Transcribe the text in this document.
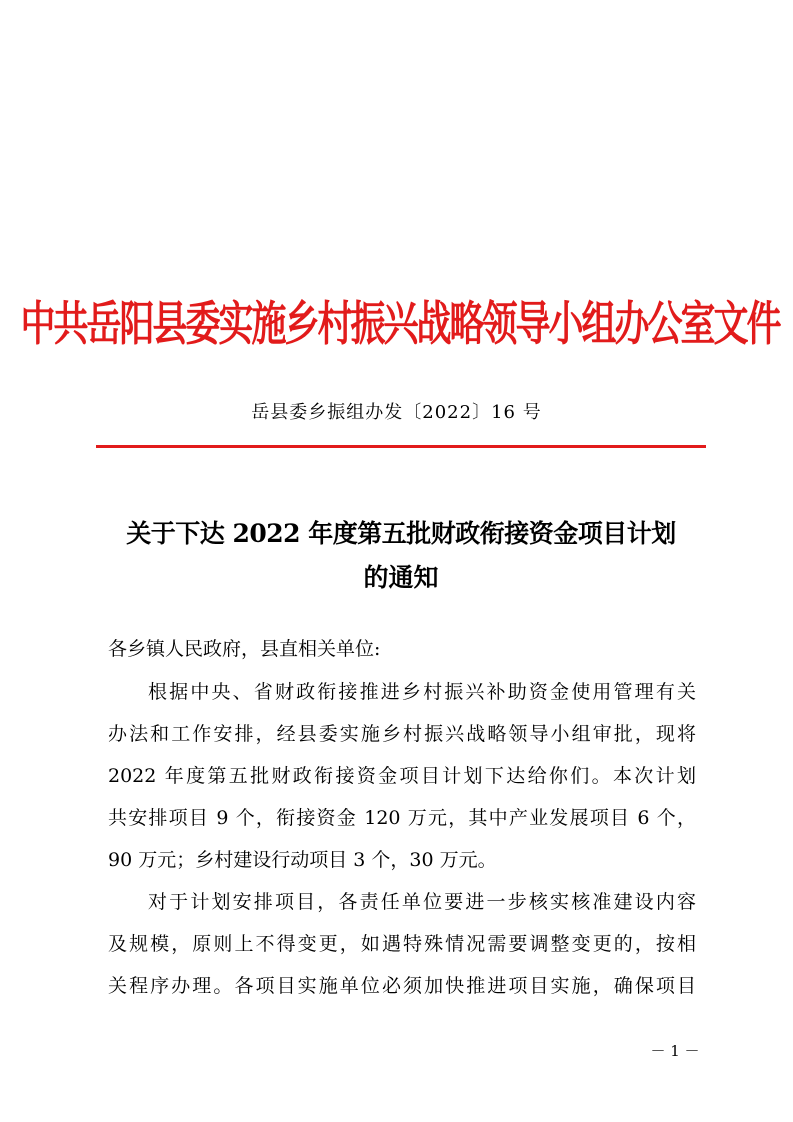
中共岳阳县委实施乡村振兴战略领导小组办公室文件
岳县委乡振组办发〔2022〕16 号
关于下达 2022 年度第五批财政衔接资金项目计划
的通知
各乡镇人民政府，县直相关单位:
根据中央、省财政衔接推进乡村振兴补助资金使用管理有关
办法和工作安排，经县委实施乡村振兴战略领导小组审批，现将
2022 年度第五批财政衔接资金项目计划下达给你们。本次计划
共安排项目 9 个，衔接资金 120 万元，其中产业发展项目 6 个，
90 万元；乡村建设行动项目 3 个，30 万元。
对于计划安排项目，各责任单位要进一步核实核准建设内容
及规模，原则上不得变更，如遇特殊情况需要调整变更的，按相
关程序办理。各项目实施单位必须加快推进项目实施，确保项目
－ 1 －
